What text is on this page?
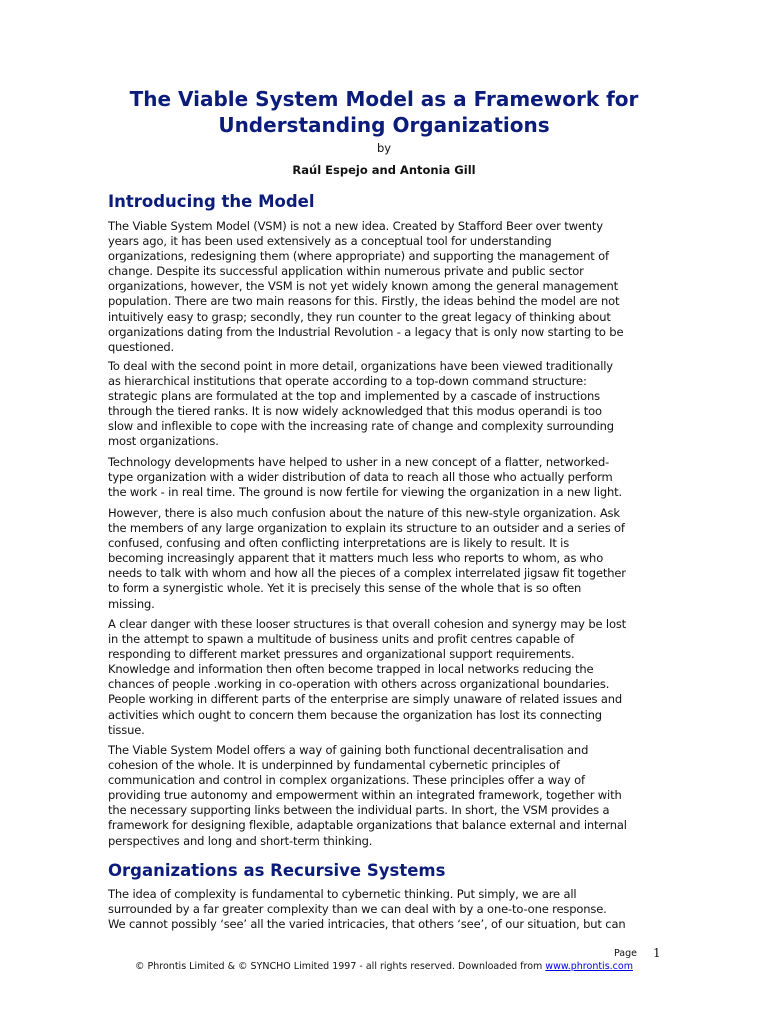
The Viable System Model as a Framework for
Understanding Organizations
by
Raúl Espejo and Antonia Gill
Introducing the Model

The Viable System Model (VSM) is not a new idea. Created by Stafford Beer over twenty
years ago, it has been used extensively as a conceptual tool for understanding
organizations, redesigning them (where appropriate) and supporting the management of
change. Despite its successful application within numerous private and public sector
organizations, however, the VSM is not yet widely known among the general management
population. There are two main reasons for this. Firstly, the ideas behind the model are not
intuitively easy to grasp; secondly, they run counter to the great legacy of thinking about
organizations dating from the Industrial Revolution - a legacy that is only now starting to be
questioned.

To deal with the second point in more detail, organizations have been viewed traditionally
as hierarchical institutions that operate according to a top-down command structure:
strategic plans are formulated at the top and implemented by a cascade of instructions
through the tiered ranks. It is now widely acknowledged that this modus operandi is too
slow and inflexible to cope with the increasing rate of change and complexity surrounding
most organizations.

Technology developments have helped to usher in a new concept of a flatter, networked-
type organization with a wider distribution of data to reach all those who actually perform
the work - in real time. The ground is now fertile for viewing the organization in a new light.

However, there is also much confusion about the nature of this new-style organization. Ask
the members of any large organization to explain its structure to an outsider and a series of
confused, confusing and often conflicting interpretations are is likely to result. It is
becoming increasingly apparent that it matters much less who reports to whom, as who
needs to talk with whom and how all the pieces of a complex interrelated jigsaw fit together
to form a synergistic whole. Yet it is precisely this sense of the whole that is so often
missing.

A clear danger with these looser structures is that overall cohesion and synergy may be lost
in the attempt to spawn a multitude of business units and profit centres capable of
responding to different market pressures and organizational support requirements.
Knowledge and information then often become trapped in local networks reducing the
chances of people .working in co-operation with others across organizational boundaries.
People working in different parts of the enterprise are simply unaware of related issues and
activities which ought to concern them because the organization has lost its connecting
tissue.

The Viable System Model offers a way of gaining both functional decentralisation and
cohesion of the whole. It is underpinned by fundamental cybernetic principles of
communication and control in complex organizations. These principles offer a way of
providing true autonomy and empowerment within an integrated framework, together with
the necessary supporting links between the individual parts. In short, the VSM provides a
framework for designing flexible, adaptable organizations that balance external and internal
perspectives and long and short-term thinking.

Organizations as Recursive Systems

The idea of complexity is fundamental to cybernetic thinking. Put simply, we are all
surrounded by a far greater complexity than we can deal with by a one-to-one response.
We cannot possibly ‘see’ all the varied intricacies, that others ‘see’, of our situation, but can

Page 1
© Phrontis Limited & © SYNCHO Limited 1997 - all rights reserved. Downloaded from www.phrontis.com
